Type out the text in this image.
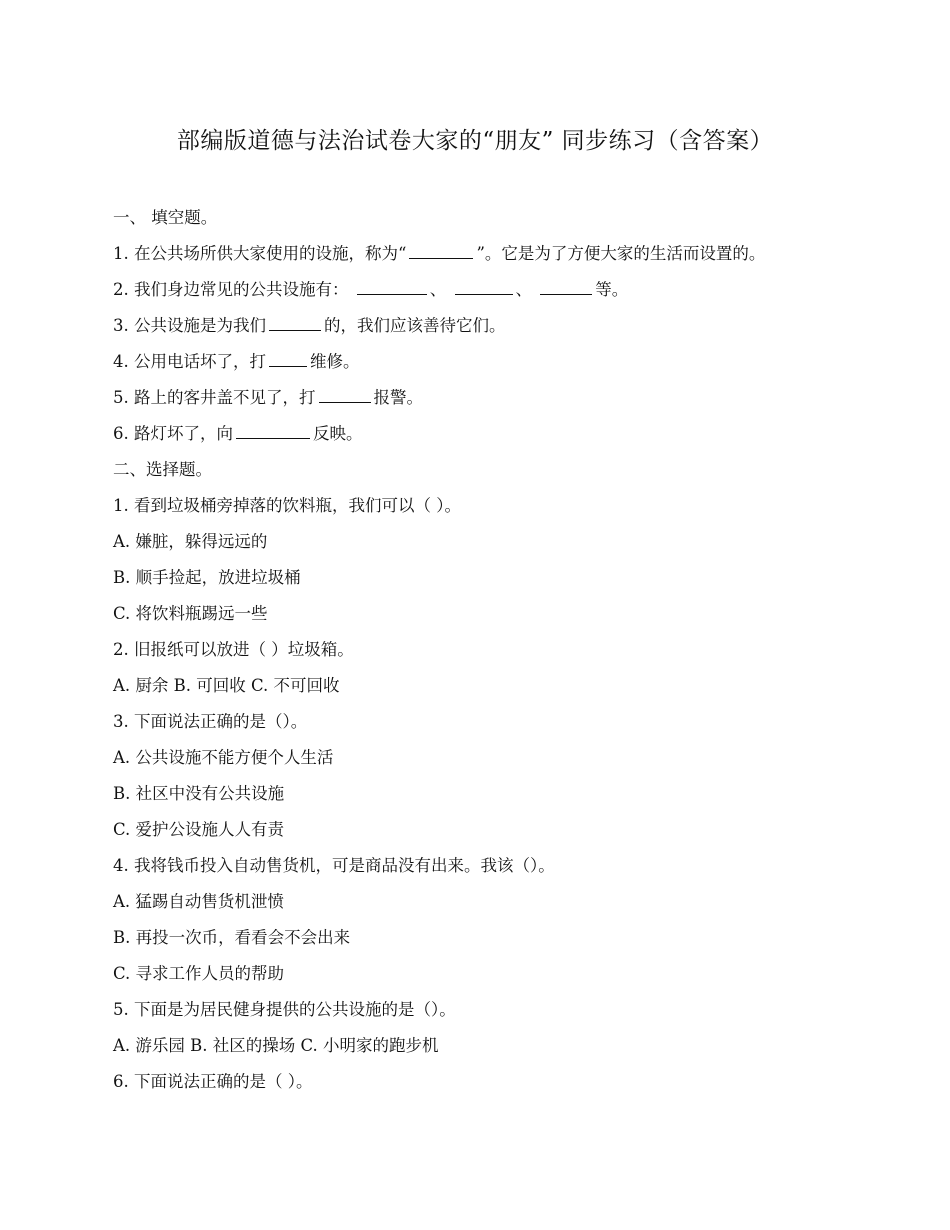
部编版道德与法治试卷大家的“朋友” 同步练习（含答案）
一、 填空题。
1. 在公共场所供大家使用的设施，称为“	”。它是为了方便大家的生活而设置的。
2. 我们身边常见的公共设施有：	、	、	等。
3. 公共设施是为我们	的，我们应该善待它们。
4. 公用电话坏了，打	维修。
5. 路上的客井盖不见了，打	报警。
6. 路灯坏了，向	反映。
二、选择题。
1. 看到垃圾桶旁掉落的饮料瓶，我们可以（ ）。
A. 嫌脏，躲得远远的
B. 顺手捡起，放进垃圾桶
C. 将饮料瓶踢远一些
2. 旧报纸可以放进（ ）垃圾箱。
A. 厨余 B. 可回收 C. 不可回收
3. 下面说法正确的是（）。
A. 公共设施不能方便个人生活
B. 社区中没有公共设施
C. 爱护公设施人人有责
4. 我将钱币投入自动售货机，可是商品没有出来。我该（）。
A. 猛踢自动售货机泄愤
B. 再投一次币，看看会不会出来
C. 寻求工作人员的帮助
5. 下面是为居民健身提供的公共设施的是（）。
A. 游乐园 B. 社区的操场 C. 小明家的跑步机
6. 下面说法正确的是（ ）。
